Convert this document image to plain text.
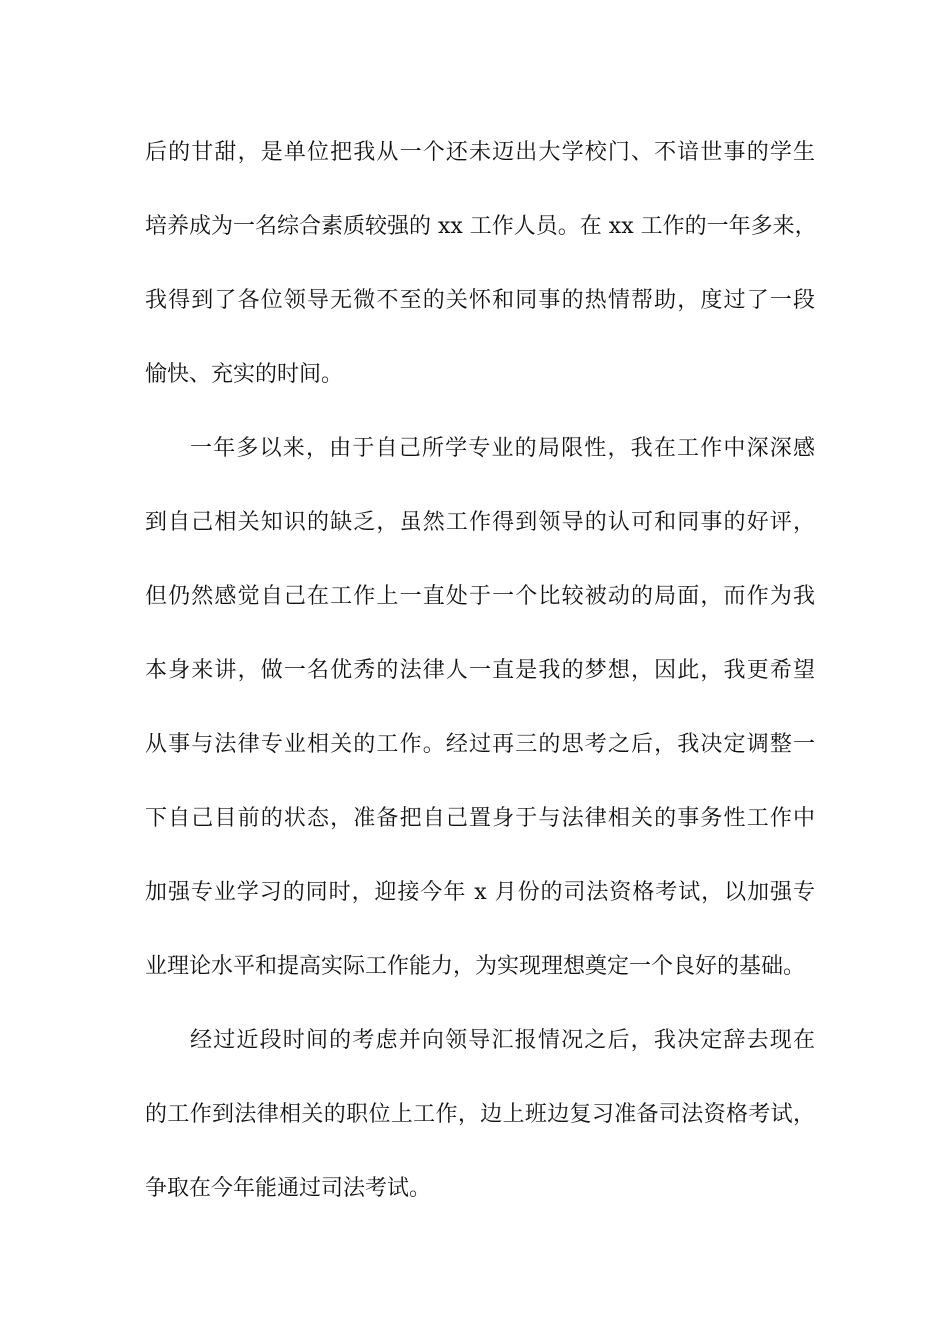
后的甘甜，是单位把我从一个还未迈出大学校门、不谙世事的学生
培养成为一名综合素质较强的 xx 工作人员。在 xx 工作的一年多来，
我得到了各位领导无微不至的关怀和同事的热情帮助，度过了一段
愉快、充实的时间。
一年多以来，由于自己所学专业的局限性，我在工作中深深感
到自己相关知识的缺乏，虽然工作得到领导的认可和同事的好评，
但仍然感觉自己在工作上一直处于一个比较被动的局面，而作为我
本身来讲，做一名优秀的法律人一直是我的梦想，因此，我更希望
从事与法律专业相关的工作。经过再三的思考之后，我决定调整一
下自己目前的状态，准备把自己置身于与法律相关的事务性工作中
加强专业学习的同时，迎接今年 x 月份的司法资格考试，以加强专
业理论水平和提高实际工作能力，为实现理想奠定一个良好的基础。
经过近段时间的考虑并向领导汇报情况之后，我决定辞去现在
的工作到法律相关的职位上工作，边上班边复习准备司法资格考试，
争取在今年能通过司法考试。
